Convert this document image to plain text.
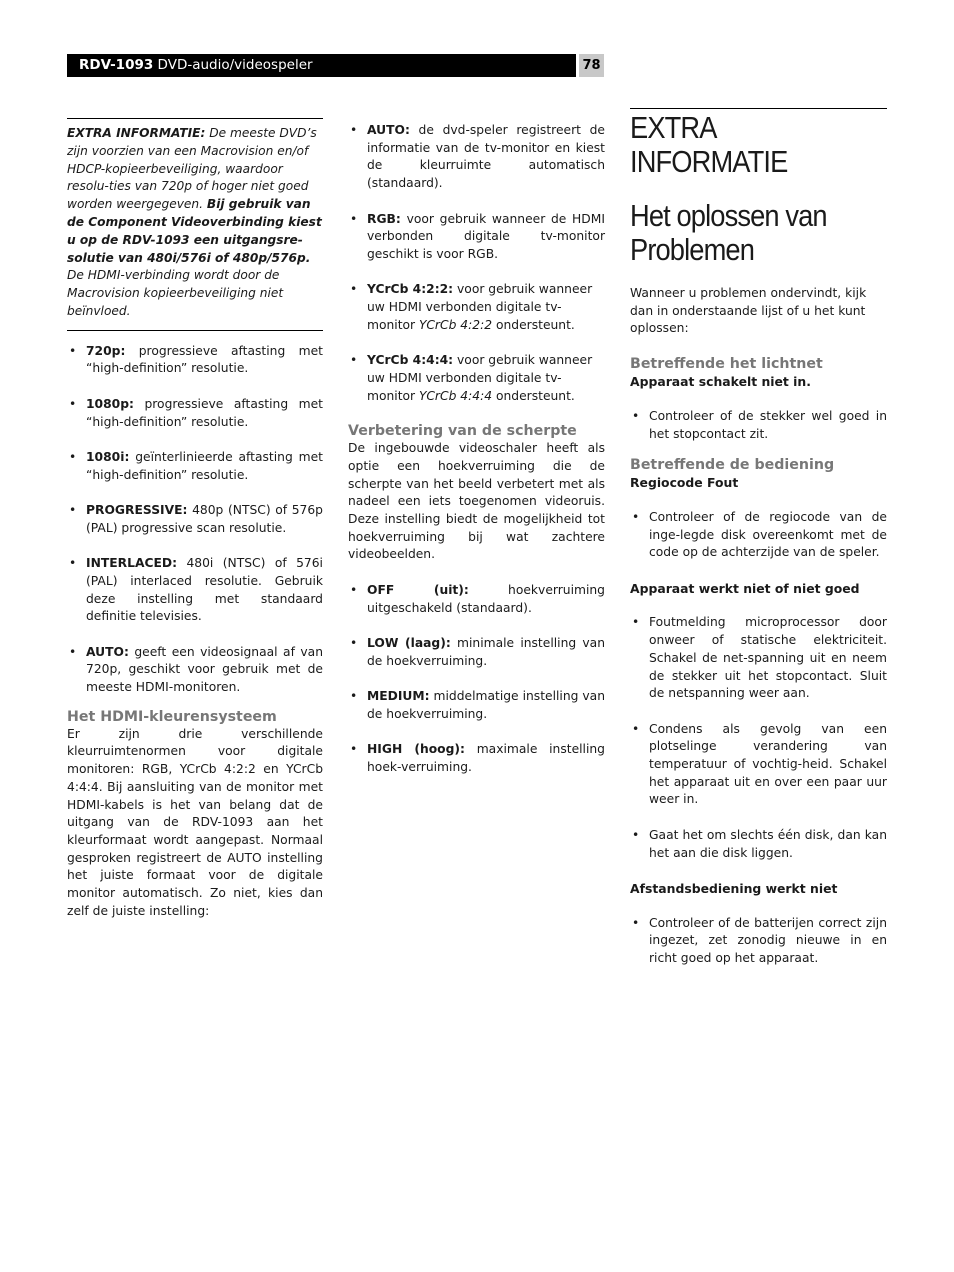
RDV-1093 DVD-audio/videospeler	78
EXTRA INFORMATIE: De meeste DVD’s zijn voorzien van een Macrovision en/of HDCP-kopieerbeveiliging, waardoor resolu-ties van 720p of hoger niet goed worden weergegeven. Bij gebruik van de Component Videoverbinding kiest u op de RDV-1093 een uitgangsre-solutie van 480i/576i of 480p/576p. De HDMI-verbinding wordt door de Macrovision kopieerbeveiliging niet beïnvloed.
• 720p: progressieve aftasting met “high-definition” resolutie.
• 1080p: progressieve aftasting met “high-definition” resolutie.
• 1080i: geïnterlinieerde aftasting met “high-definition” resolutie.
• PROGRESSIVE: 480p (NTSC) of 576p (PAL) progressive scan resolutie.
• INTERLACED: 480i (NTSC) of 576i (PAL) interlaced resolutie. Gebruik deze instelling met standaard definitie televisies.
• AUTO: geeft een videosignaal af van 720p, geschikt voor gebruik met de meeste HDMI-monitoren.
Het HDMI-kleurensysteem

Er zijn drie verschillende kleurruimtenormen voor digitale monitoren: RGB, YCrCb 4:2:2 en YCrCb 4:4:4. Bij aansluiting van de monitor met HDMI-kabels is het van belang dat de uitgang van de RDV-1093 aan het kleurformaat wordt aangepast. Normaal gesproken registreert de AUTO instelling het juiste formaat voor de digitale monitor automatisch. Zo niet, kies dan zelf de juiste instelling:

• AUTO: de dvd-speler registreert de informatie van de tv-monitor en kiest de kleurruimte automatisch (standaard).
• RGB: voor gebruik wanneer de HDMI verbonden digitale tv-monitor geschikt is voor RGB.
• YCrCb 4:2:2: voor gebruik wanneer uw HDMI verbonden digitale tv-monitor YCrCb 4:2:2 ondersteunt.
• YCrCb 4:4:4: voor gebruik wanneer uw HDMI verbonden digitale tv-monitor YCrCb 4:4:4 ondersteunt.
Verbetering van de scherpte

De ingebouwde videoschaler heeft als optie een hoekverruiming die de scherpte van het beeld verbetert met als nadeel een iets toegenomen videoruis. Deze instelling biedt de mogelijkheid tot hoekverruiming bij wat zachtere videobeelden.

• OFF (uit):	hoekverruiming uitgeschakeld (standaard).
• LOW (laag): minimale instelling van de hoekverruiming.
• MEDIUM: middelmatige instelling van de hoekverruiming.
• HIGH (hoog): maximale instelling hoek-verruiming.
EXTRA INFORMATIE
Het oplossen van Problemen

Wanneer u problemen ondervindt, kijk dan in onderstaande lijst of u het kunt oplossen:

Betreffende het lichtnet

Apparaat schakelt niet in.

• Controleer of de stekker wel goed in het stopcontact zit.
Betreffende de bediening

Regiocode Fout

• Controleer of de regiocode van de inge-legde disk overeenkomt met de code op de achterzijde van de speler.

Apparaat werkt niet of niet goed

• Foutmelding microprocessor door onweer of statische elektriciteit. Schakel de net-spanning uit en neem de stekker uit het stopcontact. Sluit de netspanning weer aan.
• Condens als gevolg van een plotselinge verandering van temperatuur of vochtig-heid. Schakel het apparaat uit en over een paar uur weer in.
• Gaat het om slechts één disk, dan kan het aan die disk liggen.

Afstandsbediening werkt niet

• Controleer of de batterijen correct zijn ingezet, zet zonodig nieuwe in en richt goed op het apparaat.
